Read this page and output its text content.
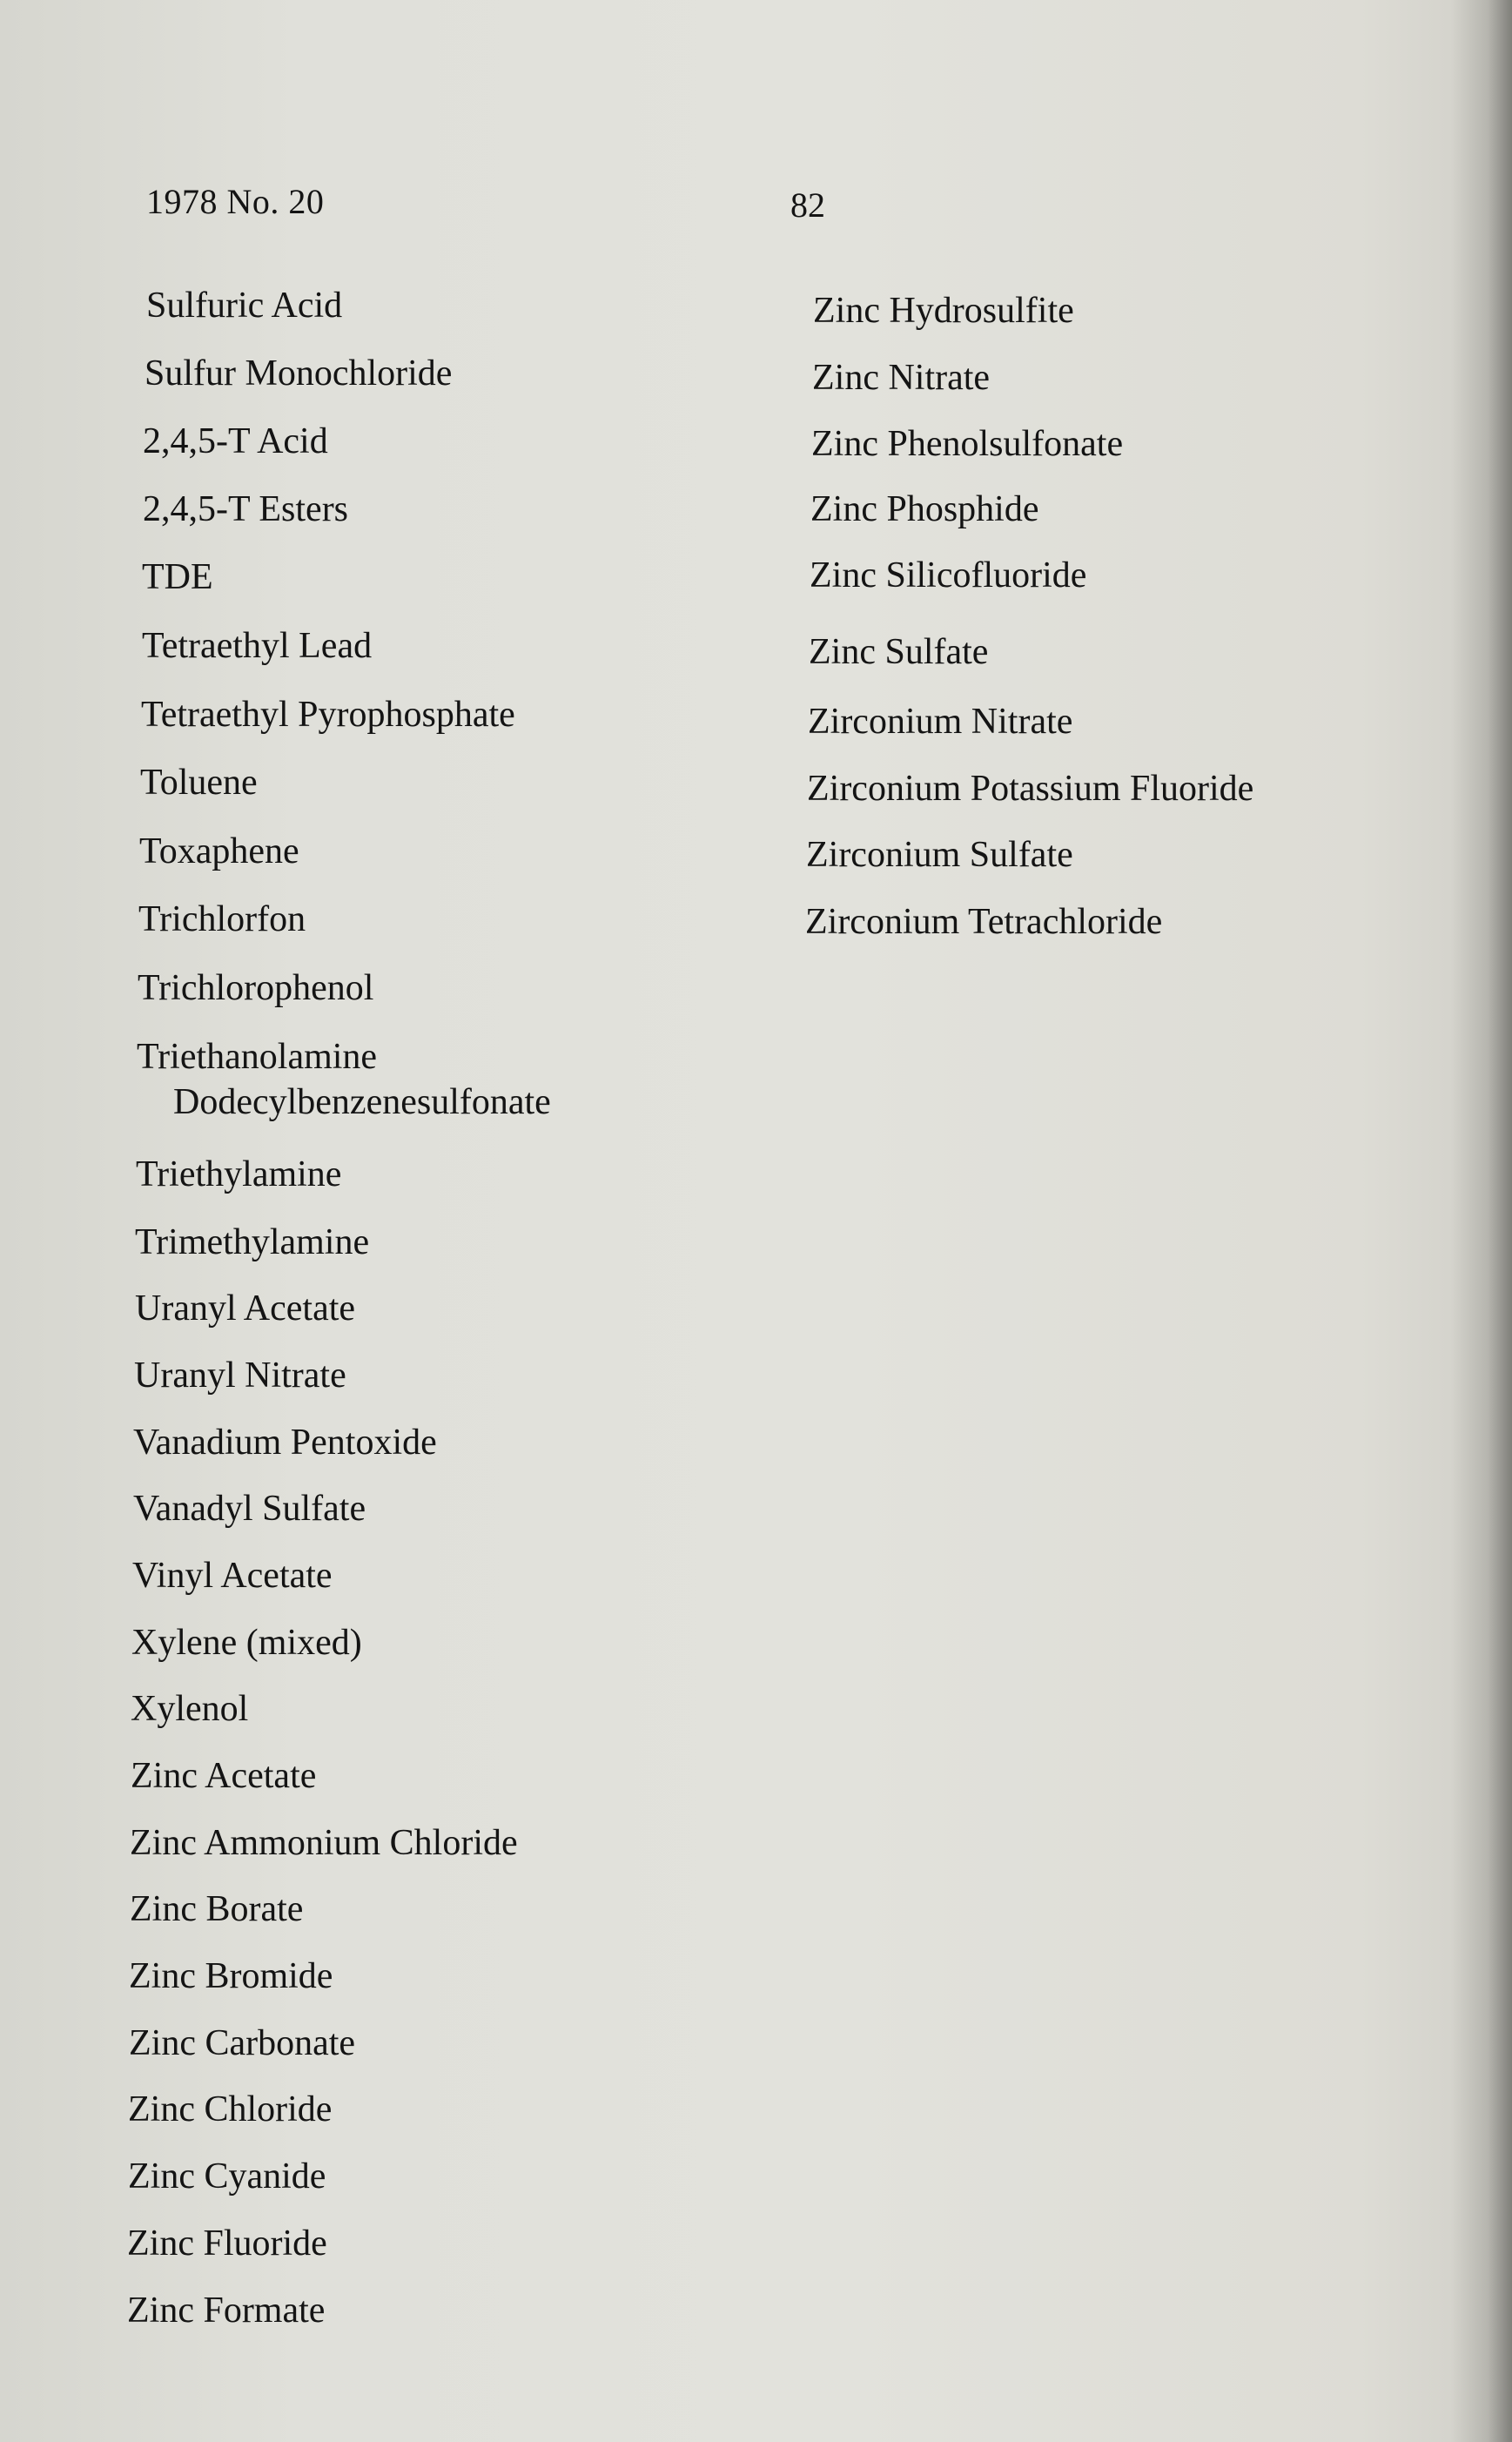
1978 No. 20	82
Sulfuric Acid
Sulfur Monochloride
2,4,5-T Acid
2,4,5-T Esters
TDE
Tetraethyl Lead
Tetraethyl Pyrophosphate
Toluene
Toxaphene
Trichlorfon
Trichlorophenol
Triethanolamine
Dodecylbenzenesulfonate
Triethylamine
Trimethylamine
Uranyl Acetate
Uranyl Nitrate
Vanadium Pentoxide
Vanadyl Sulfate
Vinyl Acetate
Xylene (mixed)
Xylenol
Zinc Acetate
Zinc Ammonium Chloride
Zinc Borate
Zinc Bromide
Zinc Carbonate
Zinc Chloride
Zinc Cyanide
Zinc Fluoride
Zinc Formate
Zinc Hydrosulfite
Zinc Nitrate
Zinc Phenolsulfonate
Zinc Phosphide
Zinc Silicofluoride
Zinc Sulfate
Zirconium Nitrate
Zirconium Potassium Fluoride
Zirconium Sulfate
Zirconium Tetrachloride
